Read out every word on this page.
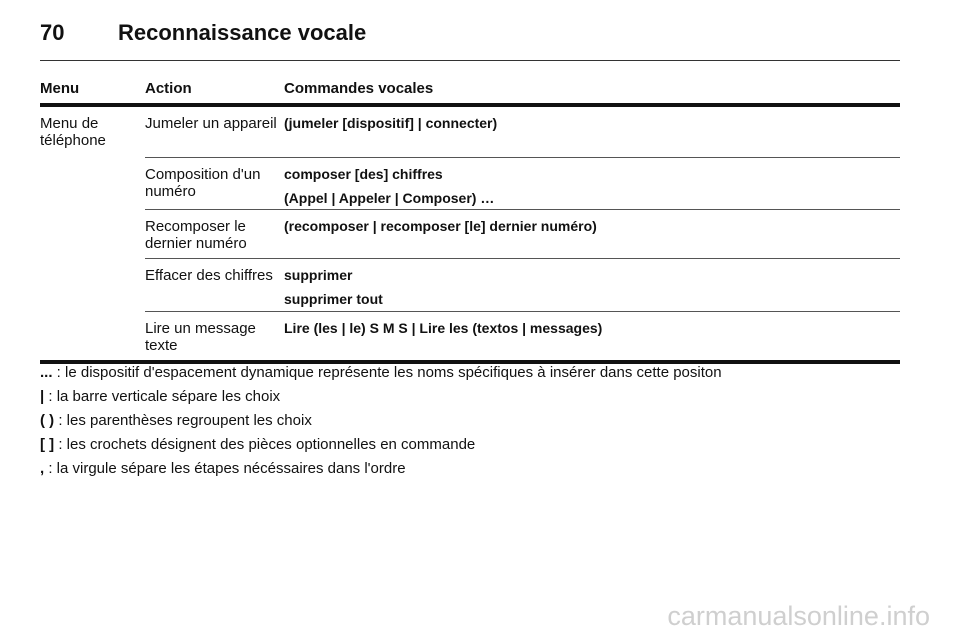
70 Reconnaissance vocale
Menu	Action	Commandes vocales
Menu de téléphone
Jumeler un appareil (jumeler [dispositif] | connecter)
Composition d'un numéro
composer [des] chiffres
(Appel | Appeler | Composer) …
Recomposer le dernier numéro
(recomposer | recomposer [le] dernier numéro)
Effacer des chiffres supprimer
supprimer tout
Lire un message texte
Lire (les | le) S M S | Lire les (textos | messages)
... : le dispositif d'espacement dynamique représente les noms spécifiques à insérer dans cette positon
| : la barre verticale sépare les choix
( ) : les parenthèses regroupent les choix
[ ] : les crochets désignent des pièces optionnelles en commande
, : la virgule sépare les étapes nécéssaires dans l'ordre
carmanualsonline.info
